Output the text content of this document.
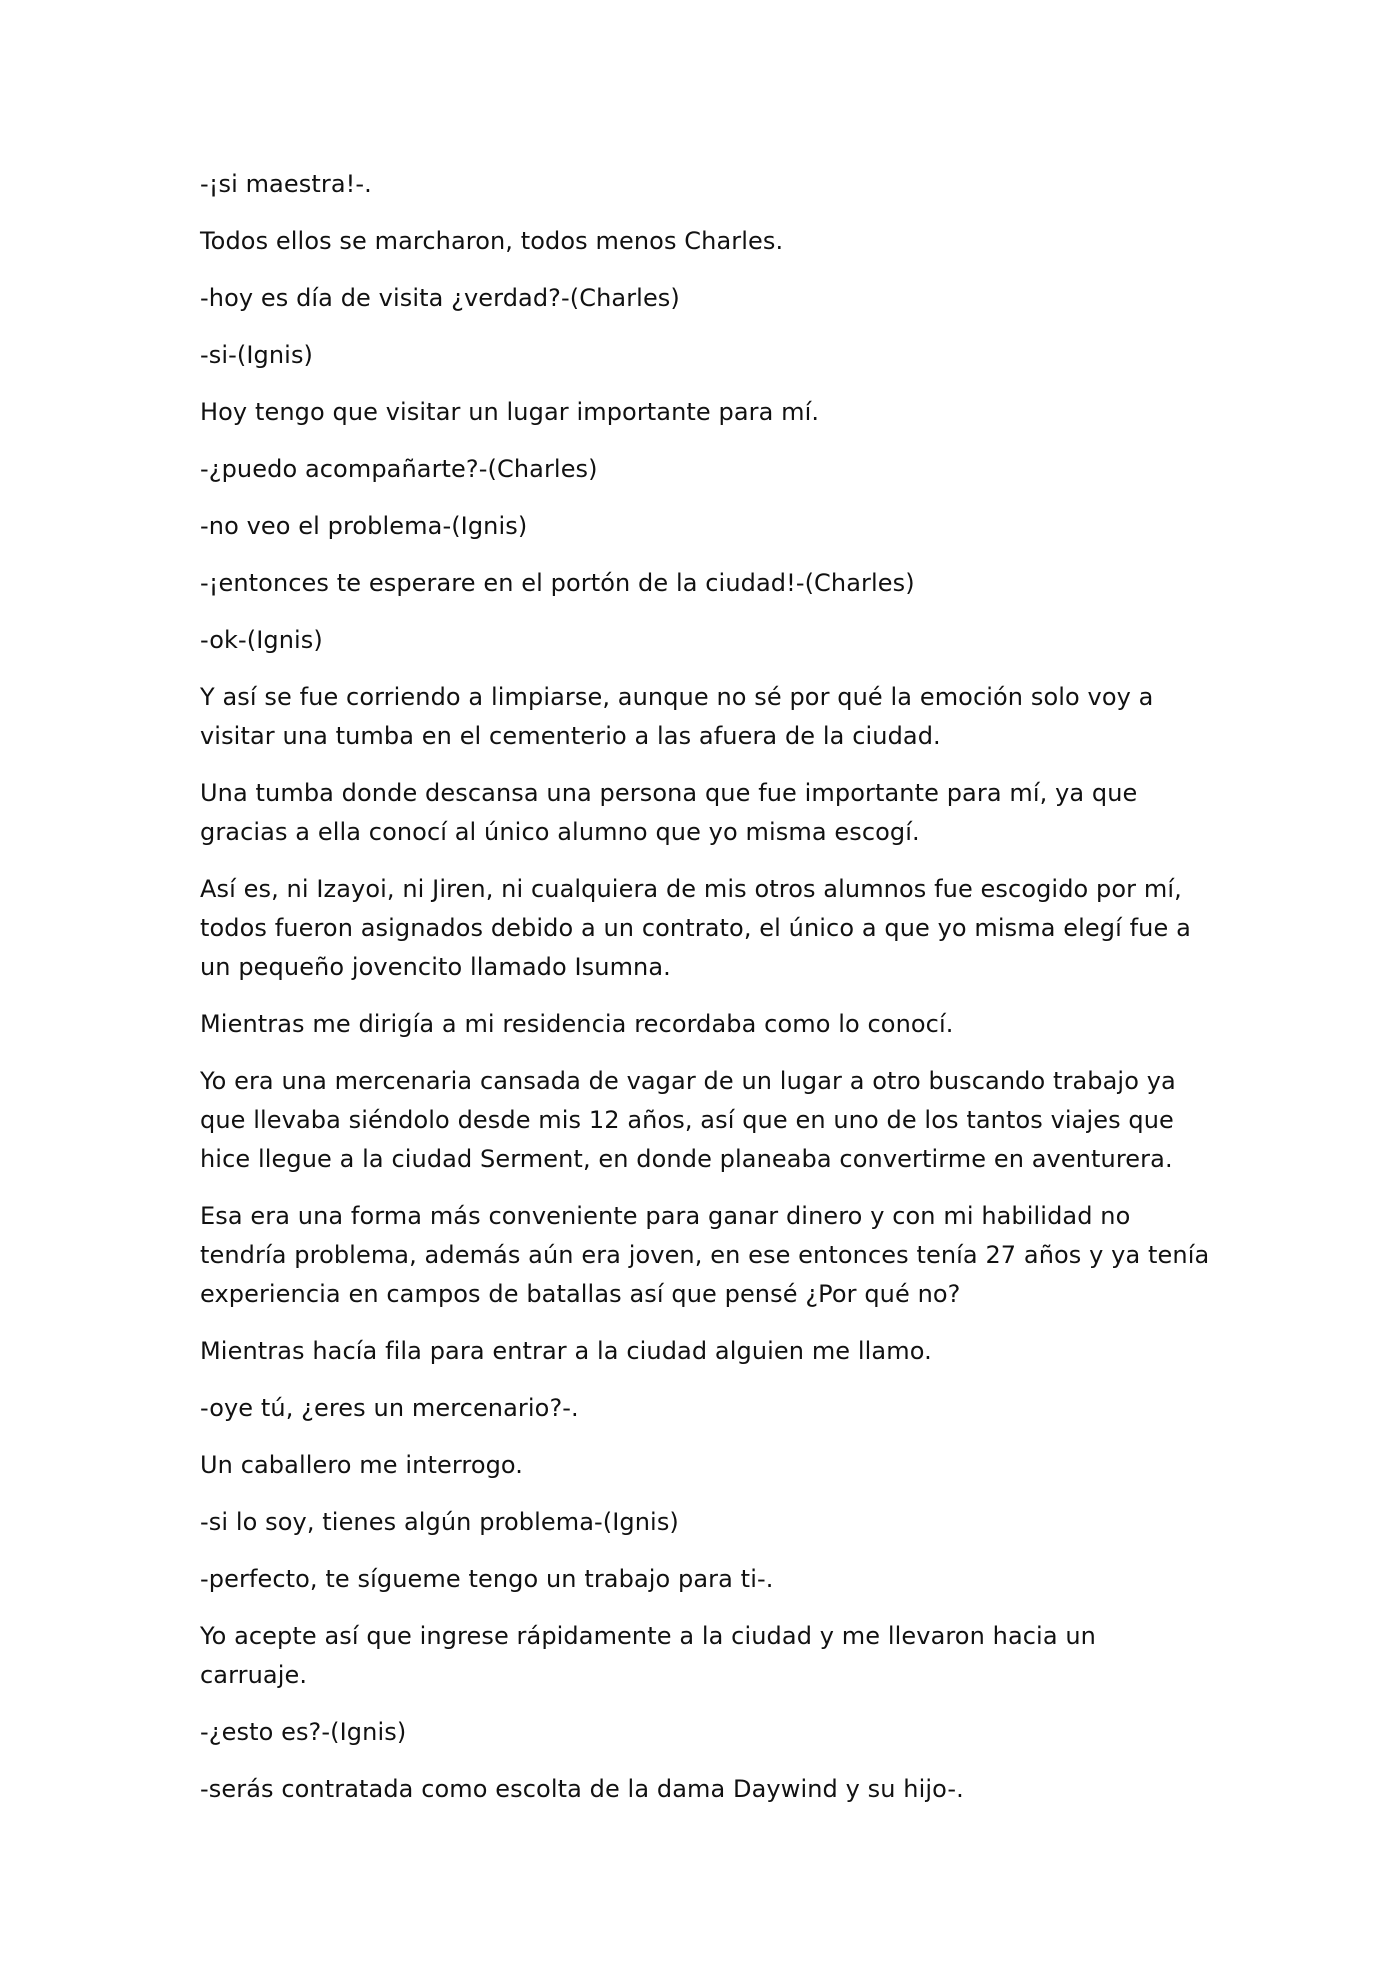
-¡si maestra!-.

Todos ellos se marcharon, todos menos Charles.

-hoy es día de visita ¿verdad?-(Charles)

-si-(Ignis)

Hoy tengo que visitar un lugar importante para mí.

-¿puedo acompañarte?-(Charles)

-no veo el problema-(Ignis)

-¡entonces te esperare en el portón de la ciudad!-(Charles)

-ok-(Ignis)

Y así se fue corriendo a limpiarse, aunque no sé por qué la emoción solo voy a visitar una tumba en el cementerio a las afuera de la ciudad.

Una tumba donde descansa una persona que fue importante para mí, ya que gracias a ella conocí al único alumno que yo misma escogí.

Así es, ni Izayoi, ni Jiren, ni cualquiera de mis otros alumnos fue escogido por mí, todos fueron asignados debido a un contrato, el único a que yo misma elegí fue a un pequeño jovencito llamado Isumna.

Mientras me dirigía a mi residencia recordaba como lo conocí.

Yo era una mercenaria cansada de vagar de un lugar a otro buscando trabajo ya que llevaba siéndolo desde mis 12 años, así que en uno de los tantos viajes que hice llegue a la ciudad Serment, en donde planeaba convertirme en aventurera.

Esa era una forma más conveniente para ganar dinero y con mi habilidad no tendría problema, además aún era joven, en ese entonces tenía 27 años y ya tenía experiencia en campos de batallas así que pensé ¿Por qué no?

Mientras hacía fila para entrar a la ciudad alguien me llamo.

-oye tú, ¿eres un mercenario?-.

Un caballero me interrogo.

-si lo soy, tienes algún problema-(Ignis)

-perfecto, te sígueme tengo un trabajo para ti-.

Yo acepte así que ingrese rápidamente a la ciudad y me llevaron hacia un carruaje.

-¿esto es?-(Ignis)

-serás contratada como escolta de la dama Daywind y su hijo-.
